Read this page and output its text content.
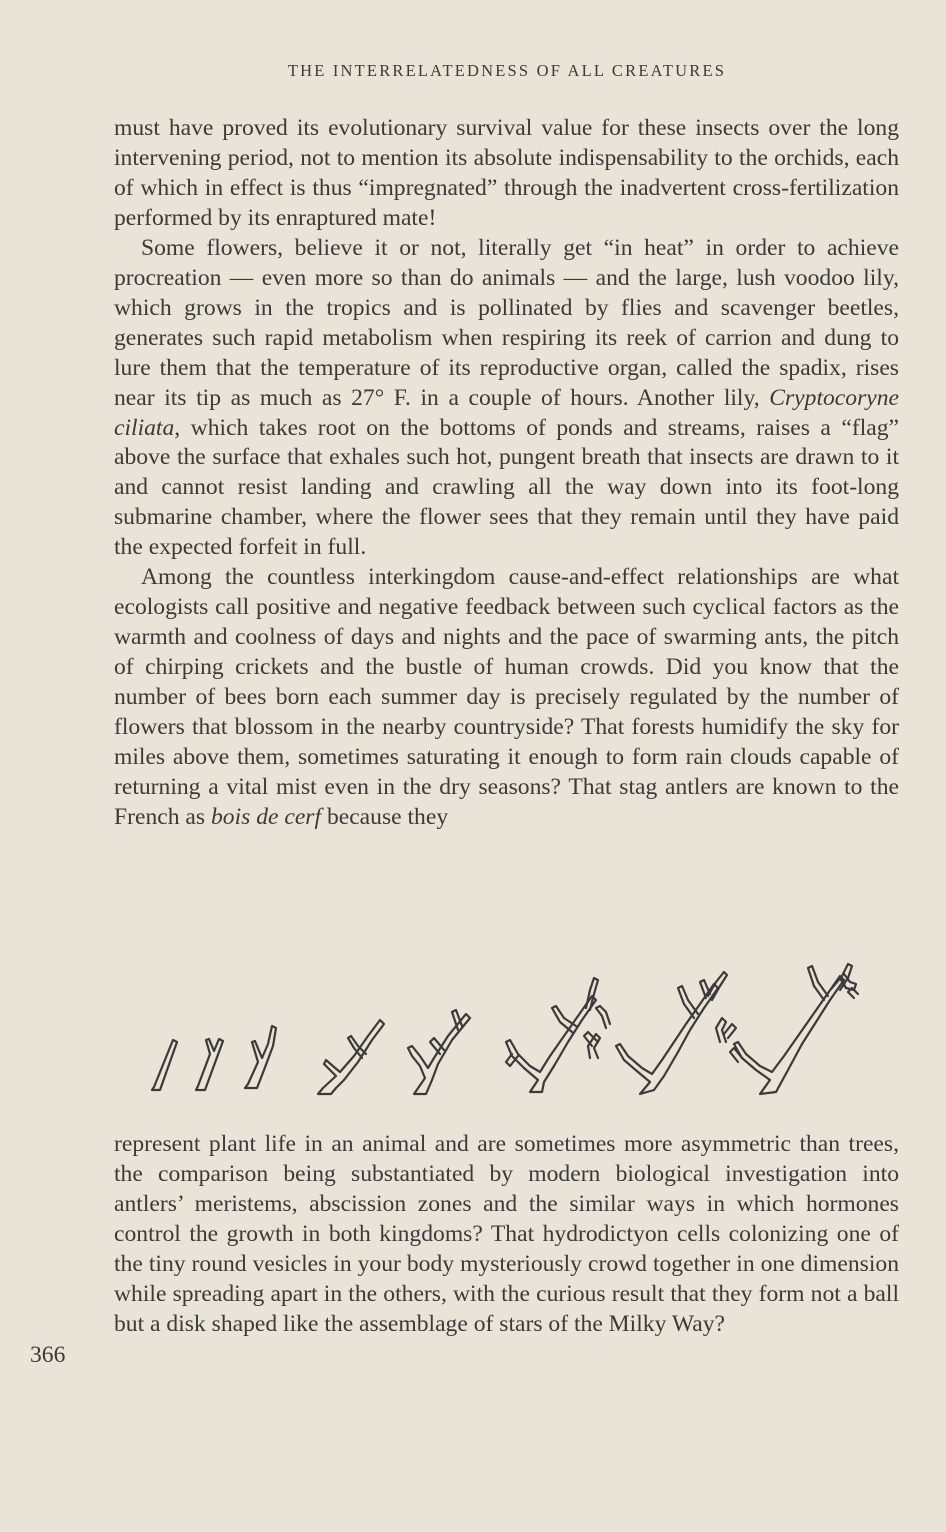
THE INTERRELATEDNESS OF ALL CREATURES

must have proved its evolutionary survival value for these insects over the long intervening period, not to mention its absolute indispensability to the orchids, each of which in effect is thus “impregnated” through the inadvertent cross-fertilization performed by its enraptured mate!

Some flowers, believe it or not, literally get “in heat” in order to achieve procreation — even more so than do animals — and the large, lush voodoo lily, which grows in the tropics and is pollinated by flies and scavenger beetles, generates such rapid metabolism when respiring its reek of carrion and dung to lure them that the temperature of its reproductive organ, called the spadix, rises near its tip as much as 27° F. in a couple of hours. Another lily, Cryptocoryne ciliata, which takes root on the bottoms of ponds and streams, raises a “flag” above the surface that exhales such hot, pungent breath that insects are drawn to it and cannot resist landing and crawling all the way down into its foot-long submarine chamber, where the flower sees that they remain until they have paid the expected forfeit in full.

Among the countless interkingdom cause-and-effect relationships are what ecologists call positive and negative feedback between such cyclical factors as the warmth and coolness of days and nights and the pace of swarming ants, the pitch of chirping crickets and the bustle of human crowds. Did you know that the number of bees born each summer day is precisely regulated by the number of flowers that blossom in the nearby countryside? That forests humidify the sky for miles above them, sometimes saturating it enough to form rain clouds capable of returning a vital mist even in the dry seasons? That stag antlers are known to the French as bois de cerf because they

represent plant life in an animal and are sometimes more asymmetric than trees, the comparison being substantiated by modern biological investigation into antlers’ meristems, abscission zones and the similar ways in which hormones control the growth in both kingdoms? That hydrodictyon cells colonizing one of the tiny round vesicles in your body mysteriously crowd together in one dimension while spreading apart in the others, with the curious result that they form not a ball but a disk shaped like the assemblage of stars of the Milky Way?

366
